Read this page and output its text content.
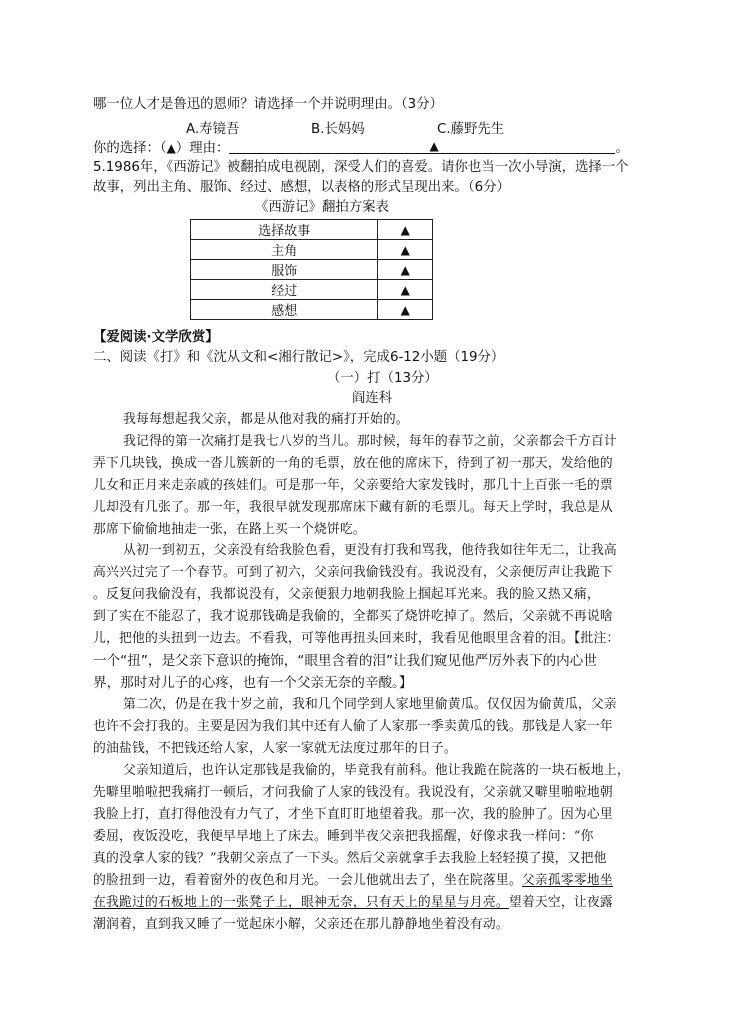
哪一位人才是鲁迅的恩师？请选择一个并说明理由。（3分）
A.寿镜吾	B.长妈妈	C.藤野先生
你的选择：（▲）理由：	▲	。
5.1986年，《西游记》被翻拍成电视剧，深受人们的喜爱。请你也当一次小导演，选择一个
故事，列出主角、服饰、经过、感想，以表格的形式呈现出来。（6分）
《西游记》翻拍方案表
选择故事	▲
主角	▲
服饰	▲
经过	▲
感想	▲
【爱阅读·文学欣赏】
二、阅读《打》和《沈从文和<湘行散记>》，完成6-12小题（19分）
（一）打（13分）
阎连科
我每每想起我父亲，都是从他对我的痛打开始的。
我记得的第一次痛打是我七八岁的当儿。那时候，每年的春节之前，父亲都会千方百计
弄下几块钱，换成一沓儿簇新的一角的毛票，放在他的席床下，待到了初一那天，发给他的
儿女和正月来走亲戚的孩娃们。可是那一年，父亲要给大家发钱时，那几十上百张一毛的票
儿却没有几张了。那一年，我很早就发现那席床下藏有新的毛票儿。每天上学时，我总是从
那席下偷偷地抽走一张，在路上买一个烧饼吃。
从初一到初五，父亲没有给我脸色看，更没有打我和骂我，他待我如往年无二，让我高
高兴兴过完了一个春节。可到了初六，父亲问我偷钱没有。我说没有，父亲便厉声让我跪下
。反复问我偷没有，我都说没有，父亲便狠力地朝我脸上掴起耳光来。我的脸又热又痛，
到了实在不能忍了，我才说那钱确是我偷的，全都买了烧饼吃掉了。然后，父亲就不再说啥
儿，把他的头扭到一边去。不看我，可等他再扭头回来时，我看见他眼里含着的泪。【批注：
一个“扭”，是父亲下意识的掩饰，“眼里含着的泪”让我们窥见他严厉外表下的内心世
界，那时对儿子的心疼，也有一个父亲无奈的辛酸。】
第二次，仍是在我十岁之前，我和几个同学到人家地里偷黄瓜。仅仅因为偷黄瓜，父亲
也许不会打我的。主要是因为我们其中还有人偷了人家那一季卖黄瓜的钱。那钱是人家一年
的油盐钱，不把钱还给人家，人家一家就无法度过那年的日子。
父亲知道后，也许认定那钱是我偷的，毕竟我有前科。他让我跪在院落的一块石板地上，
先噼里啪啦把我痛打一顿后，才问我偷了人家的钱没有。我说没有，父亲就又噼里啪啦地朝
我脸上打，直打得他没有力气了，才坐下直盯盯地望着我。那一次，我的脸肿了。因为心里
委屈，夜饭没吃，我便早早地上了床去。睡到半夜父亲把我摇醒，好像求我一样问：“你
真的没拿人家的钱？”我朝父亲点了一下头。然后父亲就拿手去我脸上轻轻摸了摸，又把他
的脸扭到一边，看着窗外的夜色和月光。一会儿他就出去了，坐在院落里。父亲孤零零地坐
在我跪过的石板地上的一张凳子上，眼神无奈，只有天上的星星与月亮。望着天空，让夜露
潮润着，直到我又睡了一觉起床小解，父亲还在那儿静静地坐着没有动。
